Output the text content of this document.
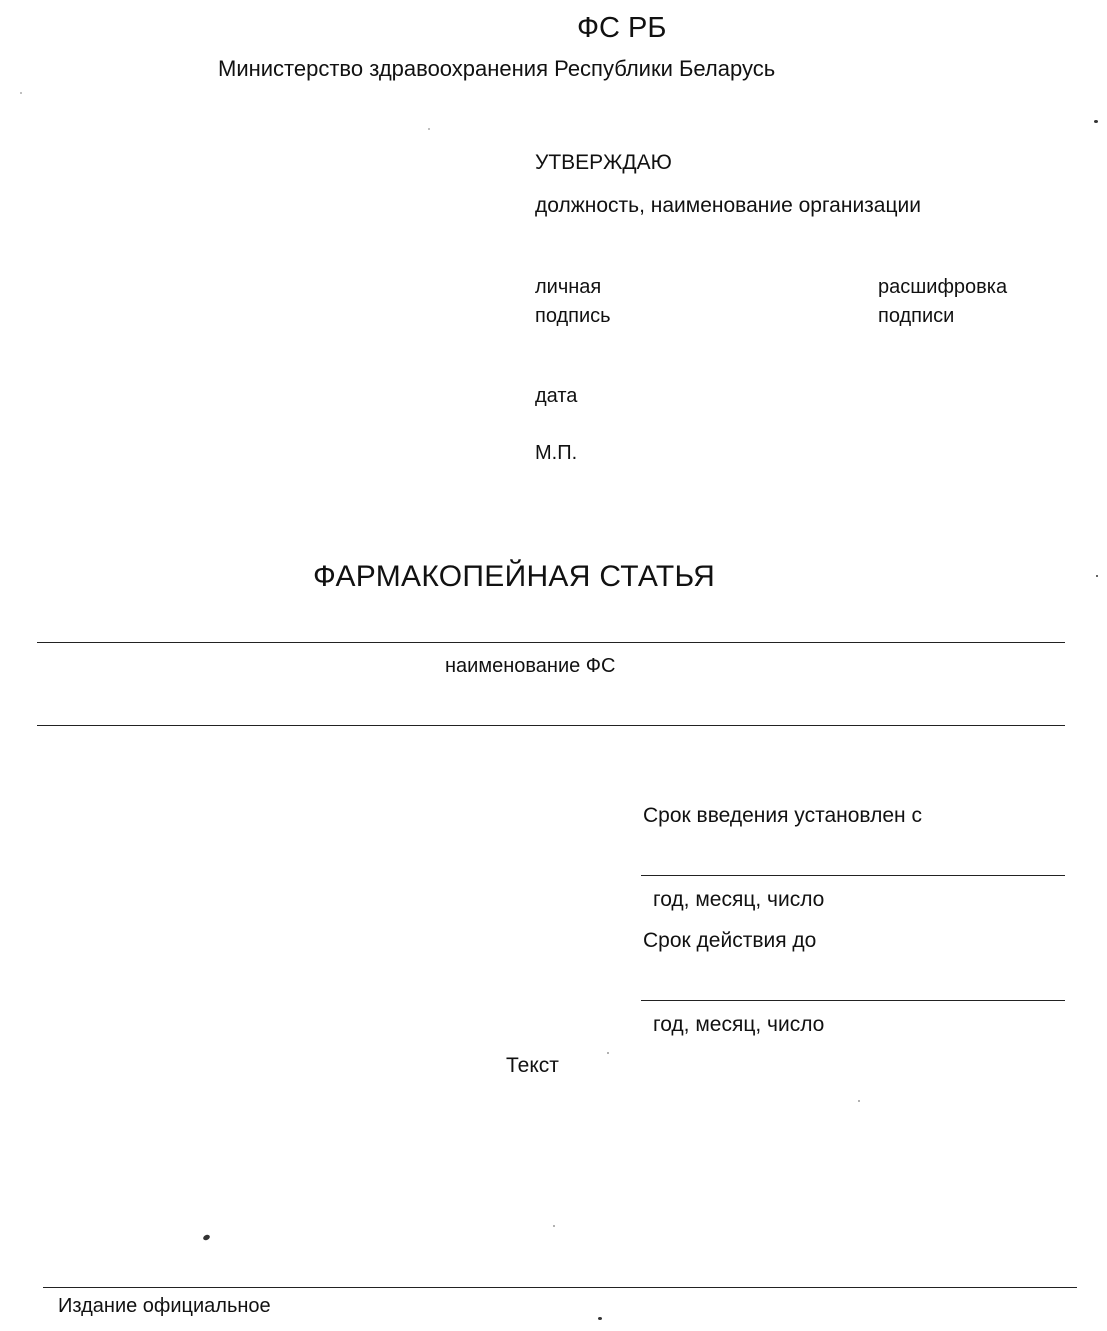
ФС РБ
Министерство здравоохранения Республики Беларусь
УТВЕРЖДАЮ
должность, наименование организации
личная
подпись
расшифровка
подписи
дата
М.П.
ФАРМАКОПЕЙНАЯ СТАТЬЯ
наименование ФС
Срок введения установлен с
год, месяц, число
Срок действия до
год, месяц, число
Текст
Издание официальное
